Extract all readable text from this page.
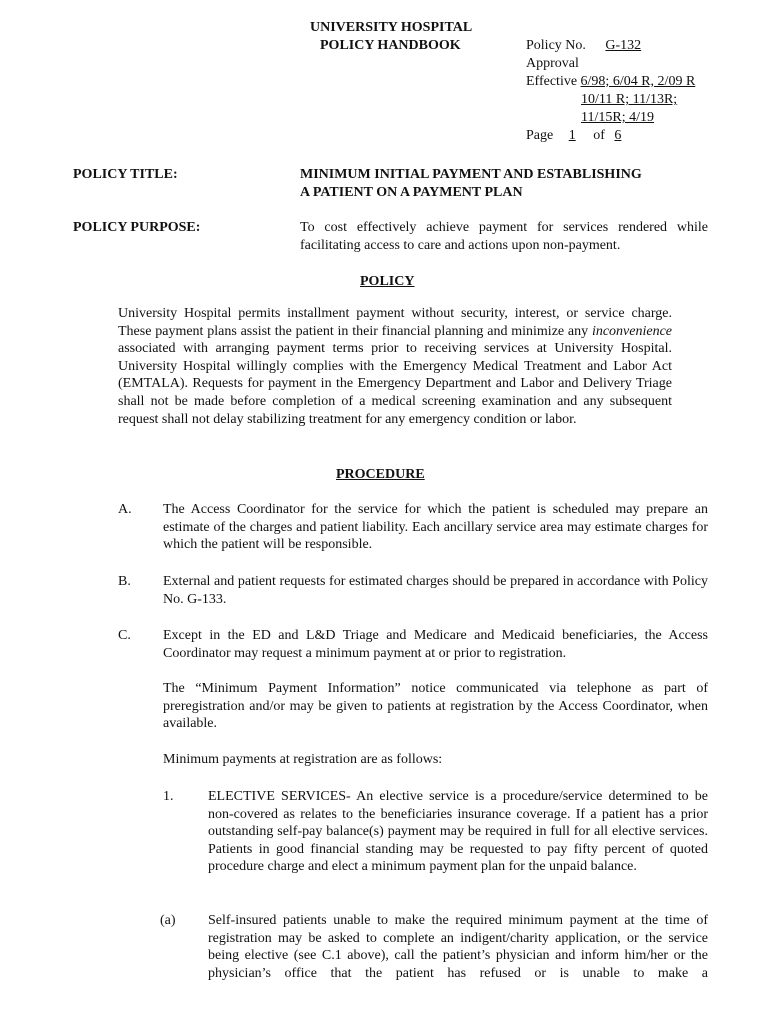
UNIVERSITY HOSPITAL
POLICY HANDBOOK	Policy No. G-132
Approval
Effective 6/98; 6/04 R, 2/09 R
10/11 R; 11/13R;
11/15R; 4/19
Page 1 of 6
POLICY TITLE:	MINIMUM INITIAL PAYMENT AND ESTABLISHING
A PATIENT ON A PAYMENT PLAN
POLICY PURPOSE:	To cost effectively achieve payment for services rendered while
facilitating access to care and actions upon non-payment.
POLICY
University Hospital permits installment payment without security, interest, or service charge. These payment plans assist the patient in their financial planning and minimize any inconvenience associated with arranging payment terms prior to receiving services at University Hospital. University Hospital willingly complies with the Emergency Medical Treatment and Labor Act (EMTALA). Requests for payment in the Emergency Department and Labor and Delivery Triage shall not be made before completion of a medical screening examination and any subsequent request shall not delay stabilizing treatment for any emergency condition or labor.
PROCEDURE
A. The Access Coordinator for the service for which the patient is scheduled may prepare an estimate of the charges and patient liability. Each ancillary service area may estimate charges for which the patient will be responsible.
B. External and patient requests for estimated charges should be prepared in accordance with Policy No. G-133.
C. Except in the ED and L&D Triage and Medicare and Medicaid beneficiaries, the Access Coordinator may request a minimum payment at or prior to registration.
The “Minimum Payment Information” notice communicated via telephone as part of preregistration and/or may be given to patients at registration by the Access Coordinator, when available.
Minimum payments at registration are as follows:
1. ELECTIVE SERVICES- An elective service is a procedure/service determined to be non-covered as relates to the beneficiaries insurance coverage. If a patient has a prior outstanding self-pay balance(s) payment may be required in full for all elective services. Patients in good financial standing may be requested to pay fifty percent of quoted procedure charge and elect a minimum payment plan for the unpaid balance.
(a) Self-insured patients unable to make the required minimum payment at the time of registration may be asked to complete an indigent/charity application, or the service being elective (see C.1 above), call the patient’s physician and inform him/her or the physician’s office that the patient has refused or is unable to make a
